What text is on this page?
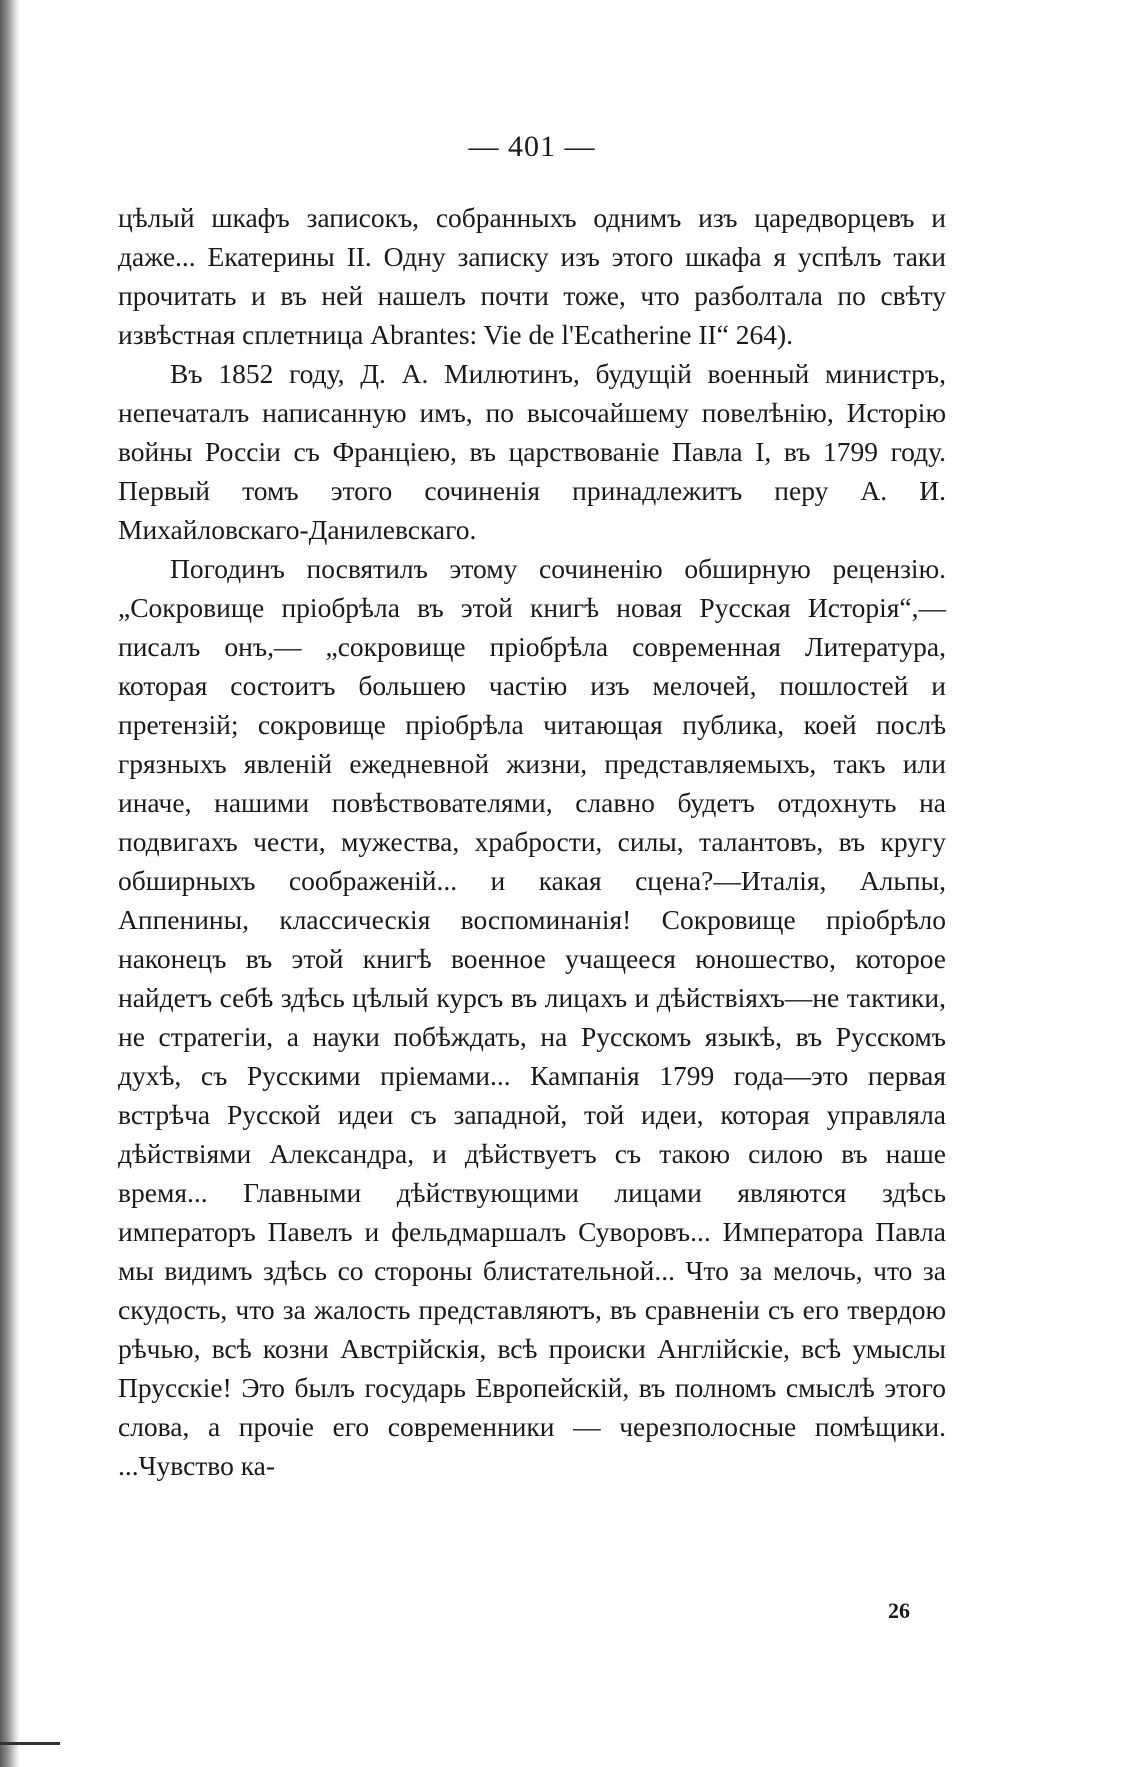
— 401 —

цѣлый шкафъ записокъ, собранныхъ однимъ изъ царедворцевъ и даже... Екатерины II. Одну записку изъ этого шкафа я успѣлъ таки прочитать и въ ней нашелъ почти тоже, что разболтала по свѣту извѣстная сплетница Abrantes: Vie de l'Ecatherine II“ 264).

Въ 1852 году, Д. А. Милютинъ, будущій военный министръ, непечаталъ написанную имъ, по высочайшему повелѣнію, Исторію войны Россіи съ Франціею, въ царствованіе Павла I, въ 1799 году. Первый томъ этого сочиненія принадлежитъ перу А. И. Михайловскаго-Данилевскаго.

Погодинъ посвятилъ этому сочиненію обширную рецензію. „Сокровище пріобрѣла въ этой книгѣ новая Русская Исторія“,—писалъ онъ,— „сокровище пріобрѣла современная Литература, которая состоитъ большею частію изъ мелочей, пошлостей и претензій; сокровище пріобрѣла читающая публика, коей послѣ грязныхъ явленій ежедневной жизни, представляемыхъ, такъ или иначе, нашими повѣствователями, славно будетъ отдохнуть на подвигахъ чести, мужества, храбрости, силы, талантовъ, въ кругу обширныхъ соображеній... и какая сцена?—Италія, Альпы, Аппенины, классическія воспоминанія! Сокровище пріобрѣло наконецъ въ этой книгѣ военное учащееся юношество, которое найдетъ себѣ здѣсь цѣлый курсъ въ лицахъ и дѣйствіяхъ—не тактики, не стратегіи, а науки побѣждать, на Русскомъ языкѣ, въ Русскомъ духѣ, съ Русскими пріемами... Кампанія 1799 года—это первая встрѣча Русской идеи съ западной, той идеи, которая управляла дѣйствіями Александра, и дѣйствуетъ съ такою силою въ наше время... Главными дѣйствующими лицами являются здѣсь императоръ Павелъ и фельдмаршалъ Суворовъ... Императора Павла мы видимъ здѣсь со стороны блистательной... Что за мелочь, что за скудость, что за жалость представляютъ, въ сравненіи съ его твердою рѣчью, всѣ козни Австрійскія, всѣ происки Англійскіе, всѣ умыслы Прусскіе! Это былъ государь Европейскій, въ полномъ смыслѣ этого слова, а прочіе его современники — черезполосные помѣщики. ...Чувство ка-

26
